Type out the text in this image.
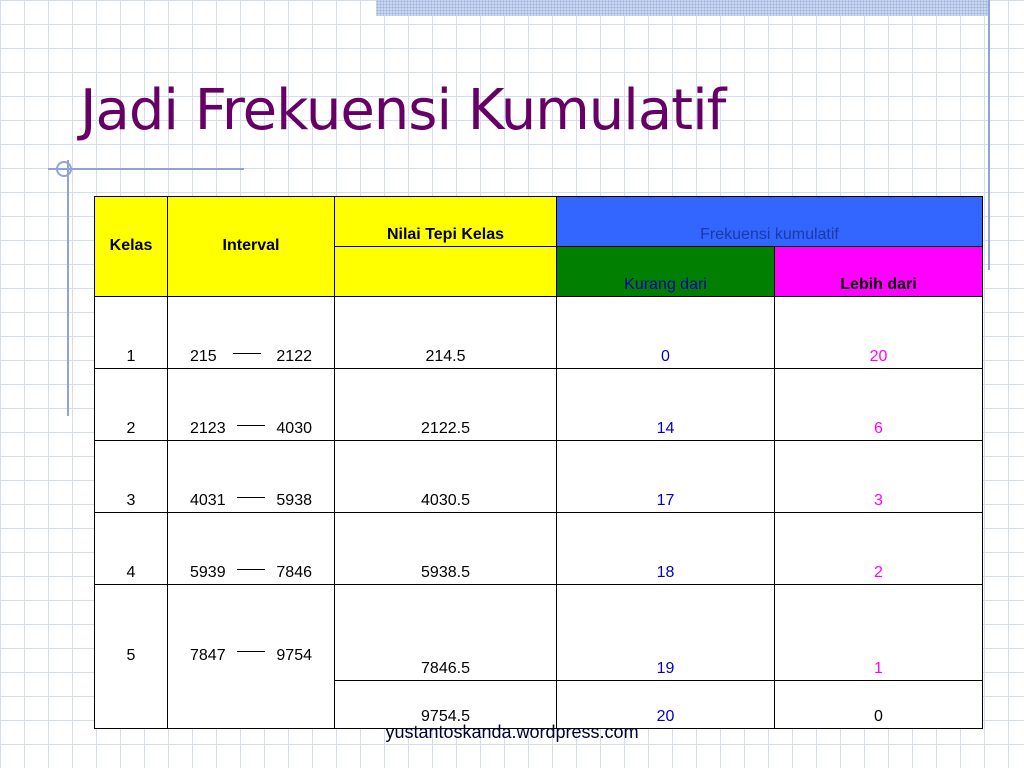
Jadi Frekuensi Kumulatif
Kelas	Interval	Nilai Tepi Kelas	Frekuensi kumulatif	
			Kurang dari	Lebih dari
1	215 2122	214.5	0	20
2	2123 4030	2122.5	14	6
3	4031 5938	4030.5	17	3
4	5939 7846	5938.5	18	2
5	7847 9754	7846.5	19	1
		9754.5	20	0
yustantoskanda.wordpress.com
